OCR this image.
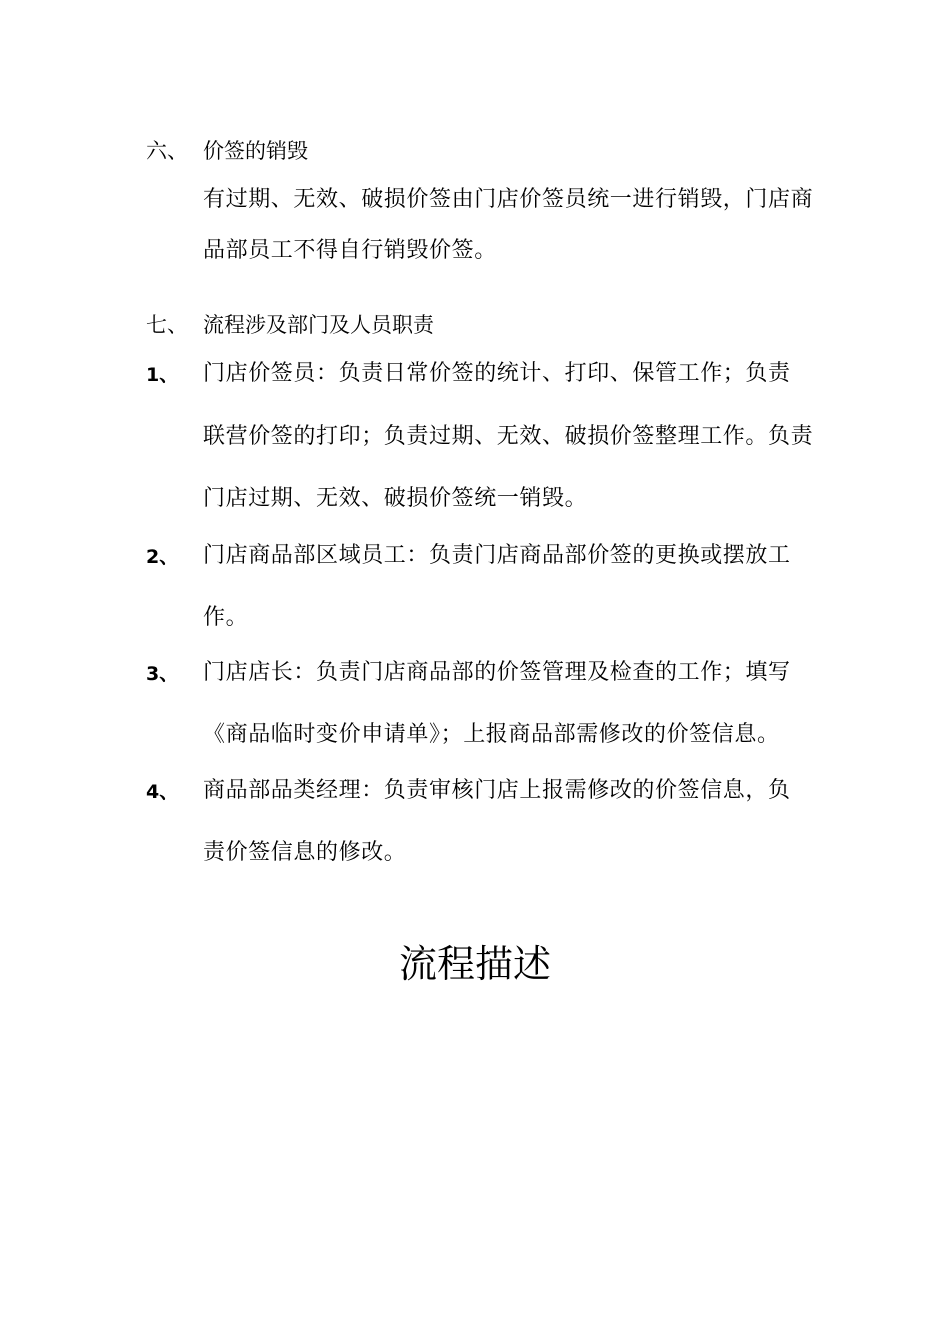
六、 价签的销毁
有过期、无效、破损价签由门店价签员统一进行销毁，门店商
品部员工不得自行销毁价签。
七、 流程涉及部门及人员职责
1、 门店价签员：负责日常价签的统计、打印、保管工作；负责
联营价签的打印；负责过期、无效、破损价签整理工作。负责
门店过期、无效、破损价签统一销毁。
2、 门店商品部区域员工：负责门店商品部价签的更换或摆放工
作。
3、 门店店长：负责门店商品部的价签管理及检查的工作；填写
《商品临时变价申请单》；上报商品部需修改的价签信息。
4、 商品部品类经理：负责审核门店上报需修改的价签信息，负
责价签信息的修改。
流程描述
